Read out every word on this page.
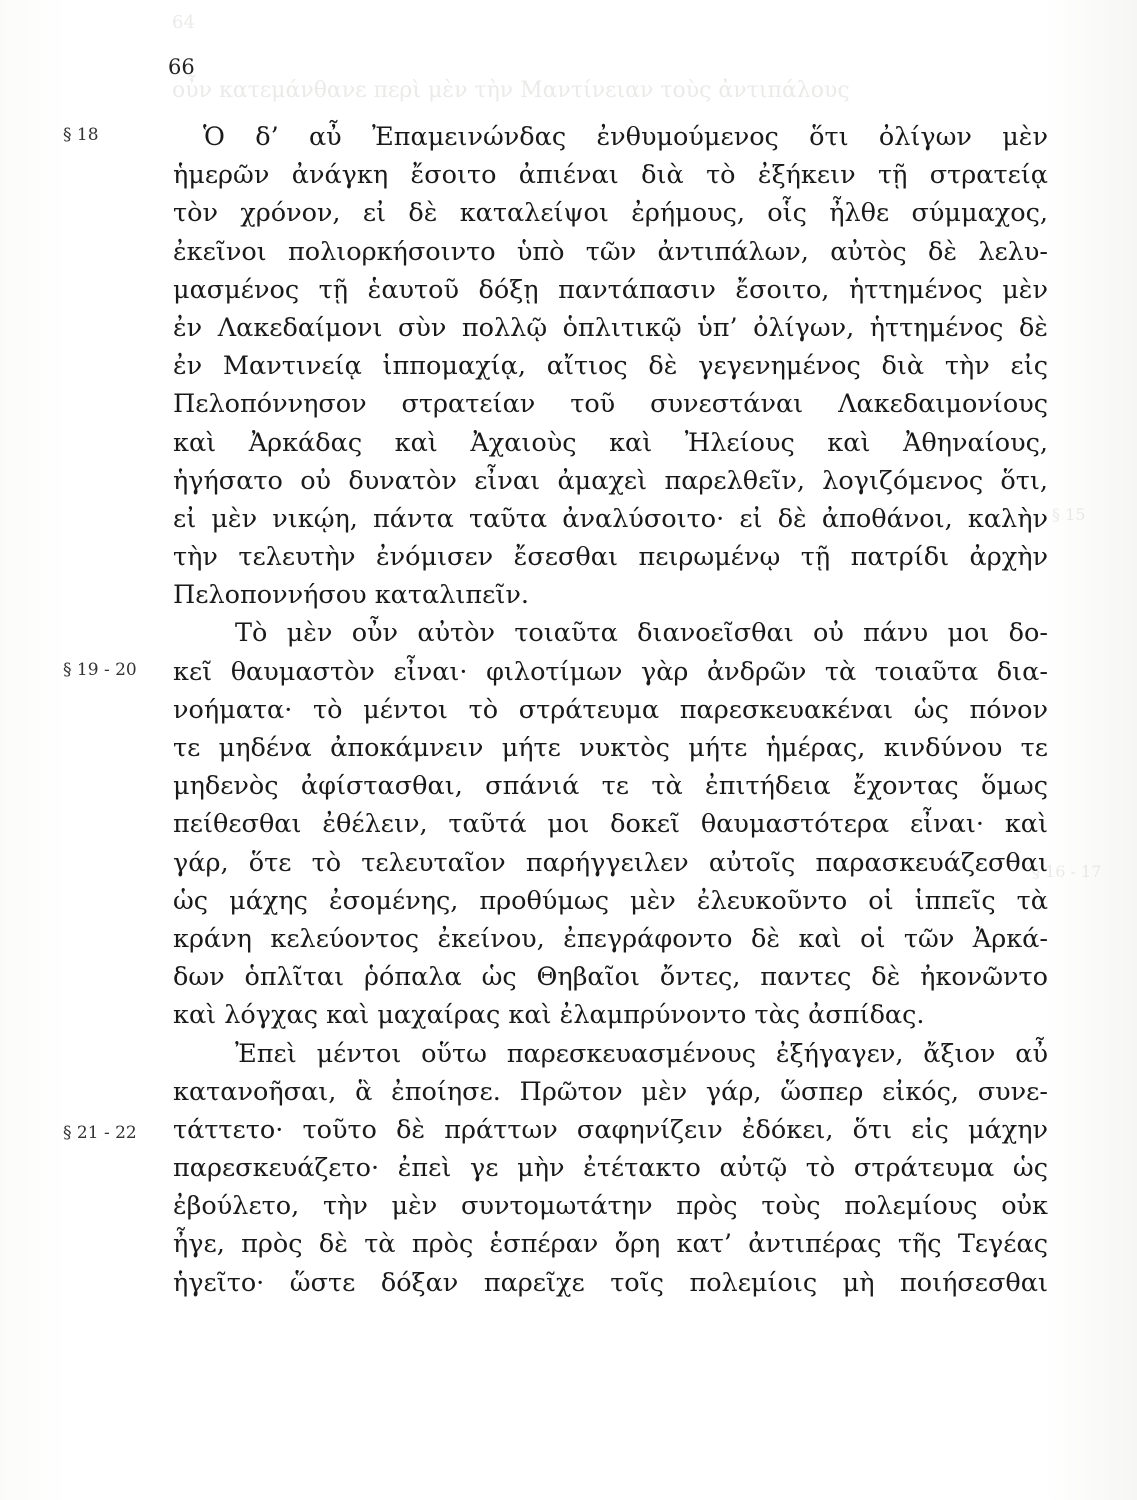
64
οὖν κατεμάνθανε περὶ μὲν τὴν Μαντίνειαν τοὺς ἀντιπάλους
§ 15
§ 16 - 17
66
§ 18
§ 19 - 20
§ 21 - 22
Ὁ δ’ αὖ Ἐπαμεινώνδας ἐνθυμούμενος ὅτι ὀλίγων μὲν
ἡμερῶν ἀνάγκη ἔσοιτο ἀπιέναι διὰ τὸ ἐξήκειν τῇ στρατείᾳ
τὸν χρόνον, εἰ δὲ καταλείψοι ἐρήμους, οἷς ἦλθε σύμμαχος,
ἐκεῖνοι πολιορκήσοιντο ὑπὸ τῶν ἀντιπάλων, αὐτὸς δὲ λελυ-
μασμένος τῇ ἑαυτοῦ δόξῃ παντάπασιν ἔσοιτο, ἡττημένος μὲν
ἐν Λακεδαίμονι σὺν πολλῷ ὁπλιτικῷ ὑπ’ ὀλίγων, ἡττημένος δὲ
ἐν Μαντινείᾳ ἱππομαχίᾳ, αἴτιος δὲ γεγενημένος διὰ τὴν εἰς
Πελοπόννησον στρατείαν τοῦ συνεστάναι Λακεδαιμονίους
καὶ Ἀρκάδας καὶ Ἀχαιοὺς καὶ Ἠλείους καὶ Ἀθηναίους,
ἡγήσατο οὐ δυνατὸν εἶναι ἀμαχεὶ παρελθεῖν, λογιζόμενος ὅτι,
εἰ μὲν νικῴη, πάντα ταῦτα ἀναλύσοιτο· εἰ δὲ ἀποθάνοι, καλὴν
τὴν τελευτὴν ἐνόμισεν ἔσεσθαι πειρωμένῳ τῇ πατρίδι ἀρχὴν
Πελοποννήσου καταλιπεῖν.
Τὸ μὲν οὖν αὐτὸν τοιαῦτα διανοεῖσθαι οὐ πάνυ μοι δο-
κεῖ θαυμαστὸν εἶναι· φιλοτίμων γὰρ ἀνδρῶν τὰ τοιαῦτα δια-
νοήματα· τὸ μέντοι τὸ στράτευμα παρεσκευακέναι ὡς πόνον
τε μηδένα ἀποκάμνειν μήτε νυκτὸς μήτε ἡμέρας, κινδύνου τε
μηδενὸς ἀφίστασθαι, σπάνιά τε τὰ ἐπιτήδεια ἔχοντας ὅμως
πείθεσθαι ἐθέλειν, ταῦτά μοι δοκεῖ θαυμαστότερα εἶναι· καὶ
γάρ, ὅτε τὸ τελευταῖον παρήγγειλεν αὐτοῖς παρασκευάζεσθαι
ὡς μάχης ἐσομένης, προθύμως μὲν ἐλευκοῦντο οἱ ἱππεῖς τὰ
κράνη κελεύοντος ἐκείνου, ἐπεγράφοντο δὲ καὶ οἱ τῶν Ἀρκά-
δων ὁπλῖται ῥόπαλα ὡς Θηβαῖοι ὄντες, παντες δὲ ἠκονῶντο
καὶ λόγχας καὶ μαχαίρας καὶ ἐλαμπρύνοντο τὰς ἀσπίδας.
Ἐπεὶ μέντοι οὕτω παρεσκευασμένους ἐξήγαγεν, ἄξιον αὖ
κατανοῆσαι, ἃ ἐποίησε. Πρῶτον μὲν γάρ, ὥσπερ εἰκός, συνε-
τάττετο· τοῦτο δὲ πράττων σαφηνίζειν ἐδόκει, ὅτι εἰς μάχην
παρεσκευάζετο· ἐπεὶ γε μὴν ἐτέτακτο αὐτῷ τὸ στράτευμα ὡς
ἐβούλετο, τὴν μὲν συντομωτάτην πρὸς τοὺς πολεμίους οὐκ
ἦγε, πρὸς δὲ τὰ πρὸς ἑσπέραν ὄρη κατ’ ἀντιπέρας τῆς Τεγέας
ἡγεῖτο· ὥστε δόξαν παρεῖχε τοῖς πολεμίοις μὴ ποιήσεσθαι
